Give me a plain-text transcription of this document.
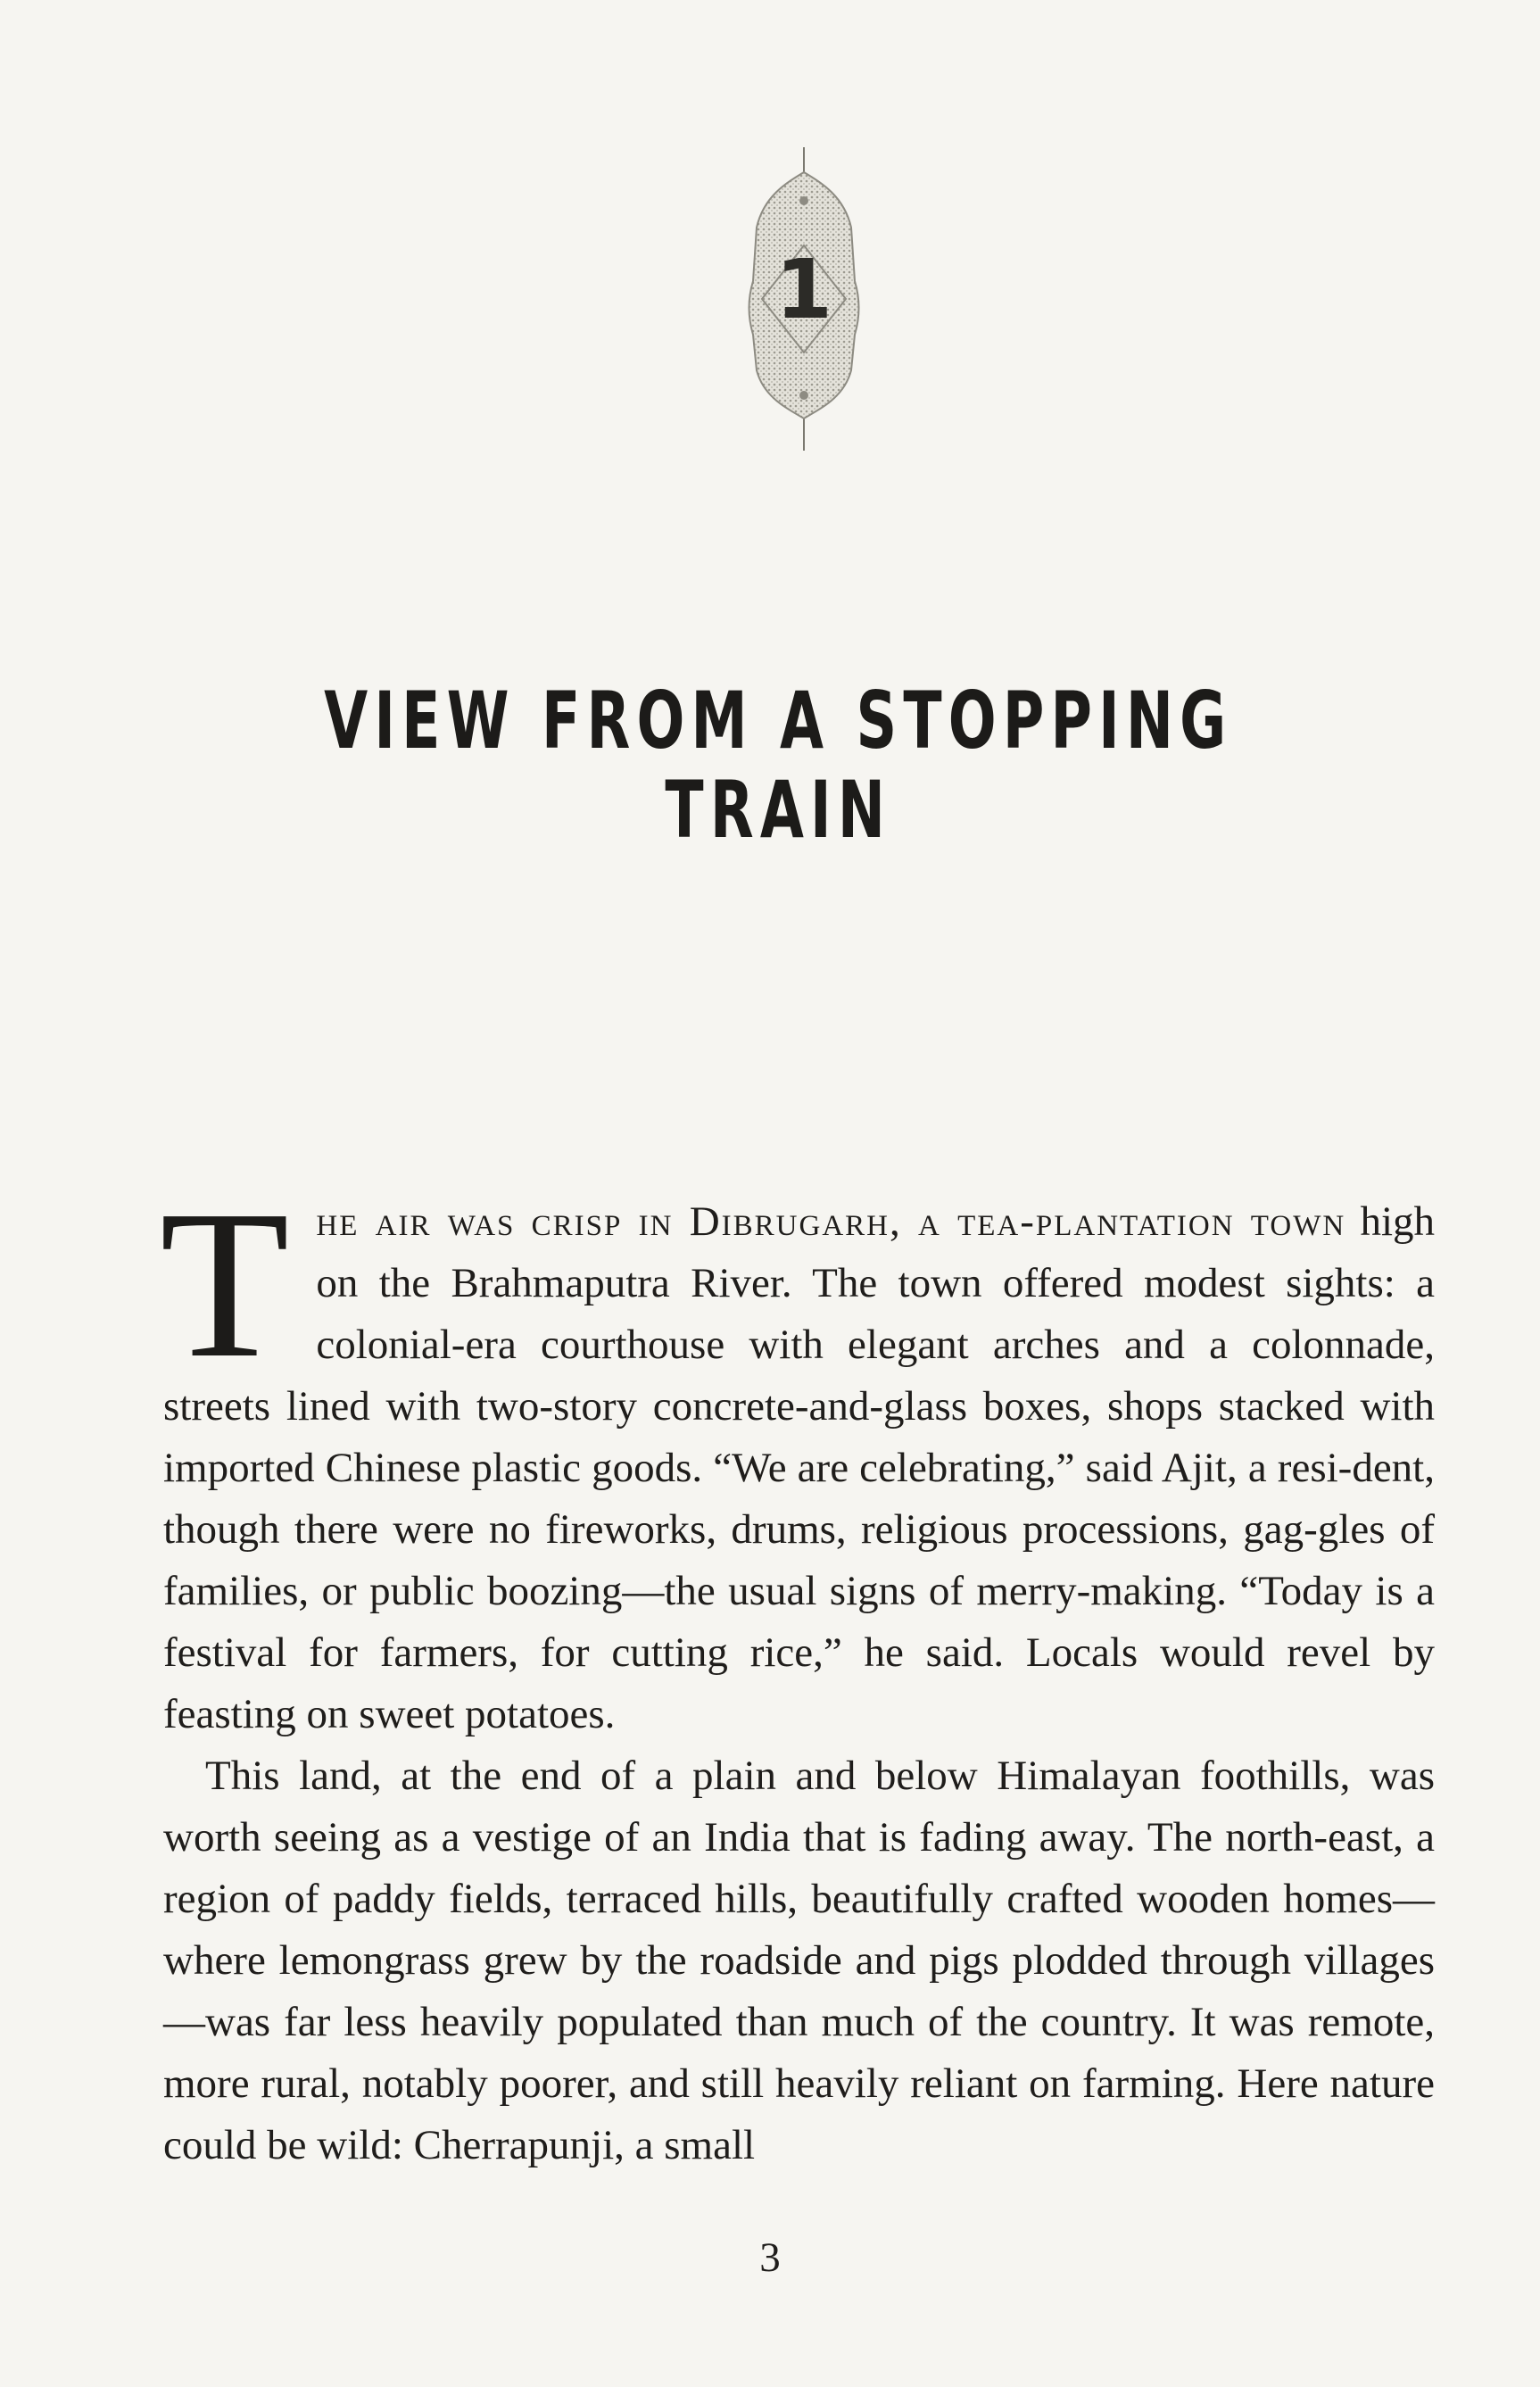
1
VIEW FROM A STOPPING TRAIN

The air was crisp in Dibrugarh, a tea-plantation town high on the Brahmaputra River. The town offered modest sights: a colonial-era courthouse with elegant arches and a colonnade, streets lined with two-story concrete-and-glass boxes, shops stacked with imported Chinese plastic goods. “We are celebrating,” said Ajit, a resi-dent, though there were no fireworks, drums, religious processions, gag-gles of families, or public boozing—the usual signs of merry-making. “Today is a festival for farmers, for cutting rice,” he said. Locals would revel by feasting on sweet potatoes.

This land, at the end of a plain and below Himalayan foothills, was worth seeing as a vestige of an India that is fading away. The north-east, a region of paddy fields, terraced hills, beautifully crafted wooden homes—where lemongrass grew by the roadside and pigs plodded through villages—was far less heavily populated than much of the country. It was remote, more rural, notably poorer, and still heavily reliant on farming. Here nature could be wild: Cherrapunji, a small

3
